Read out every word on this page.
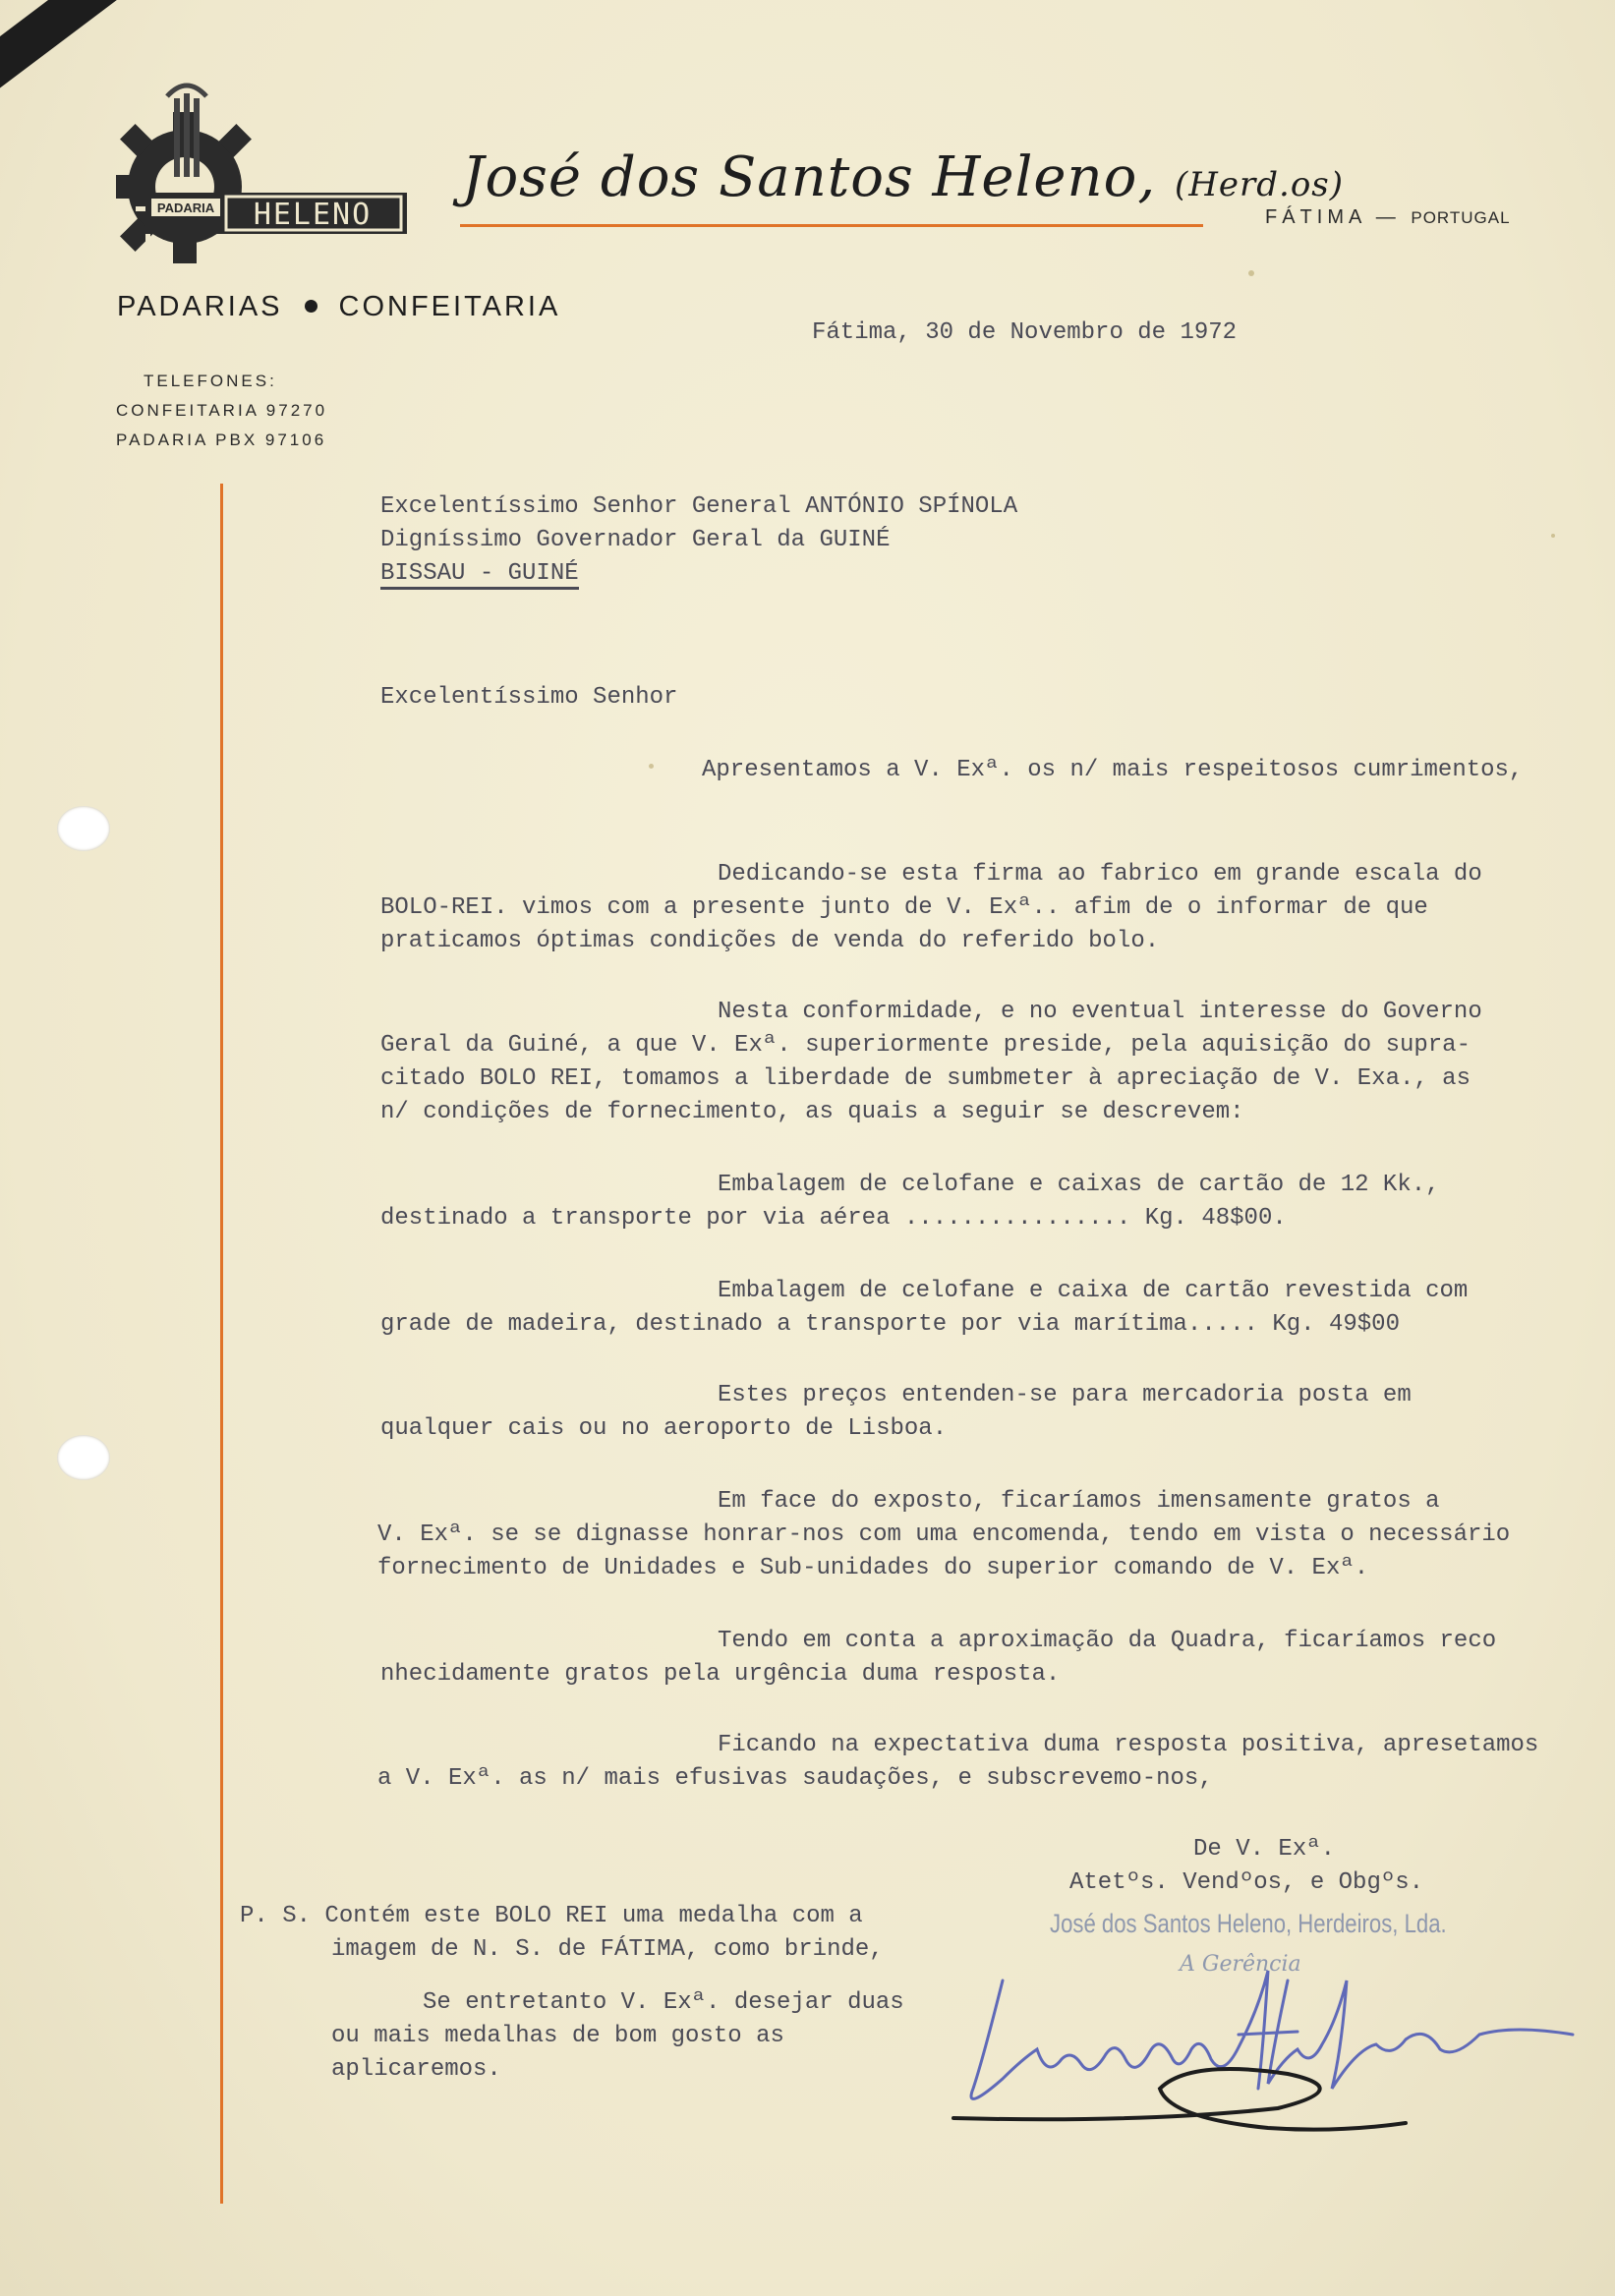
PADARIA HELENO
José dos Santos Heleno, (Herd.os)
FÁTIMA — PORTUGAL
PADARIAS CONFEITARIA
TELEFONES:
CONFEITARIA 97270
PADARIA PBX 97106
Fátima, 30 de Novembro de 1972
Excelentíssimo Senhor General ANTÓNIO SPÍNOLA
Digníssimo Governador Geral da GUINÉ
BISSAU - GUINÉ
Excelentíssimo Senhor
Apresentamos a V. Exª. os n/ mais respeitosos cumrimentos,
Dedicando-se esta firma ao fabrico em grande escala do
BOLO-REI. vimos com a presente junto de V. Exª.. afim de o informar de que
praticamos óptimas condições de venda do referido bolo.
Nesta conformidade, e no eventual interesse do Governo
Geral da Guiné, a que V. Exª. superiormente preside, pela aquisição do supra-
citado BOLO REI, tomamos a liberdade de sumbmeter à apreciação de V. Exa., as
n/ condições de fornecimento, as quais a seguir se descrevem:
Embalagem de celofane e caixas de cartão de 12 Kk.,
destinado a transporte por via aérea ................ Kg. 48$00.
Embalagem de celofane e caixa de cartão revestida com
grade de madeira, destinado a transporte por via marítima..... Kg. 49$00
Estes preços entenden-se para mercadoria posta em
qualquer cais ou no aeroporto de Lisboa.
Em face do exposto, ficaríamos imensamente gratos a
V. Exª. se se dignasse honrar-nos com uma encomenda, tendo em vista o necessário
fornecimento de Unidades e Sub-unidades do superior comando de V. Exª.
Tendo em conta a aproximação da Quadra, ficaríamos reco
nhecidamente gratos pela urgência duma resposta.
Ficando na expectativa duma resposta positiva, apresetamos
a V. Exª. as n/ mais efusivas saudações, e subscrevemo-nos,
De V. Exª.
Atetºs. Vendºos, e Obgºs.
P. S. Contém este BOLO REI uma medalha com a
imagem de N. S. de FÁTIMA, como brinde,
Se entretanto V. Exª. desejar duas
ou mais medalhas de bom gosto as
aplicaremos.
José dos Santos Heleno, Herdeiros, Lda.
A Gerência
